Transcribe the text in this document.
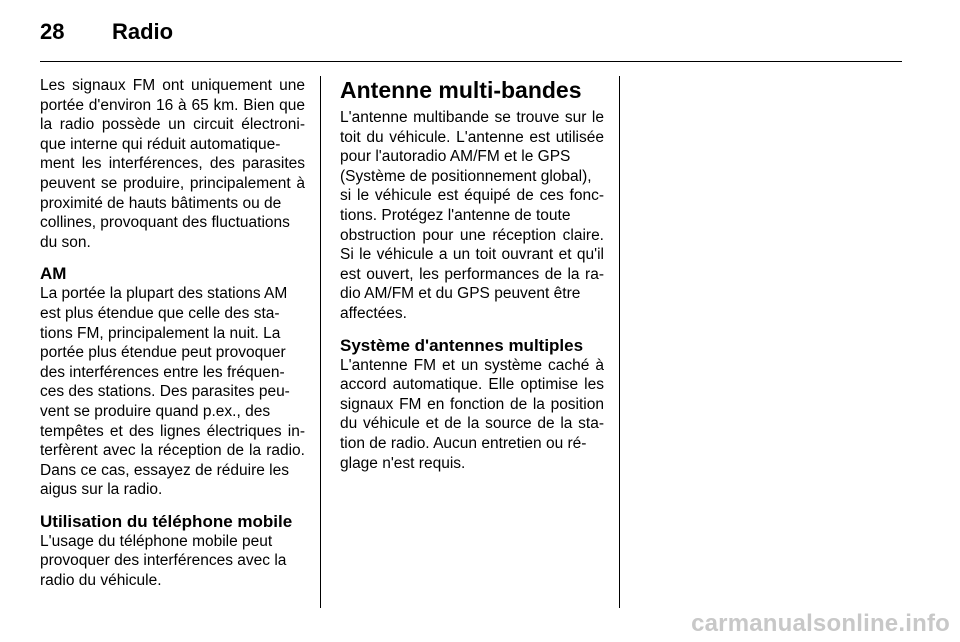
28 Radio
Les signaux FM ont uniquement une
portée d'environ 16 à 65 km. Bien que
la radio possède un circuit électroni-
que interne qui réduit automatique-
ment les interférences, des parasites
peuvent se produire, principalement à
proximité de hauts bâtiments ou de
collines, provoquant des fluctuations
du son.
AM
La portée la plupart des stations AM
est plus étendue que celle des sta-
tions FM, principalement la nuit. La
portée plus étendue peut provoquer
des interférences entre les fréquen-
ces des stations. Des parasites peu-
vent se produire quand p.ex., des
tempêtes et des lignes électriques in-
terfèrent avec la réception de la radio.
Dans ce cas, essayez de réduire les
aigus sur la radio.
Utilisation du téléphone mobile
L'usage du téléphone mobile peut
provoquer des interférences avec la
radio du véhicule.
Antenne multi-bandes
L'antenne multibande se trouve sur le
toit du véhicule. L'antenne est utilisée
pour l'autoradio AM/FM et le GPS
(Système de positionnement global),
si le véhicule est équipé de ces fonc-
tions. Protégez l'antenne de toute
obstruction pour une réception claire.
Si le véhicule a un toit ouvrant et qu'il
est ouvert, les performances de la ra-
dio AM/FM et du GPS peuvent être
affectées.
Système d'antennes multiples
L'antenne FM et un système caché à
accord automatique. Elle optimise les
signaux FM en fonction de la position
du véhicule et de la source de la sta-
tion de radio. Aucun entretien ou ré-
glage n'est requis.
carmanualsonline.info
